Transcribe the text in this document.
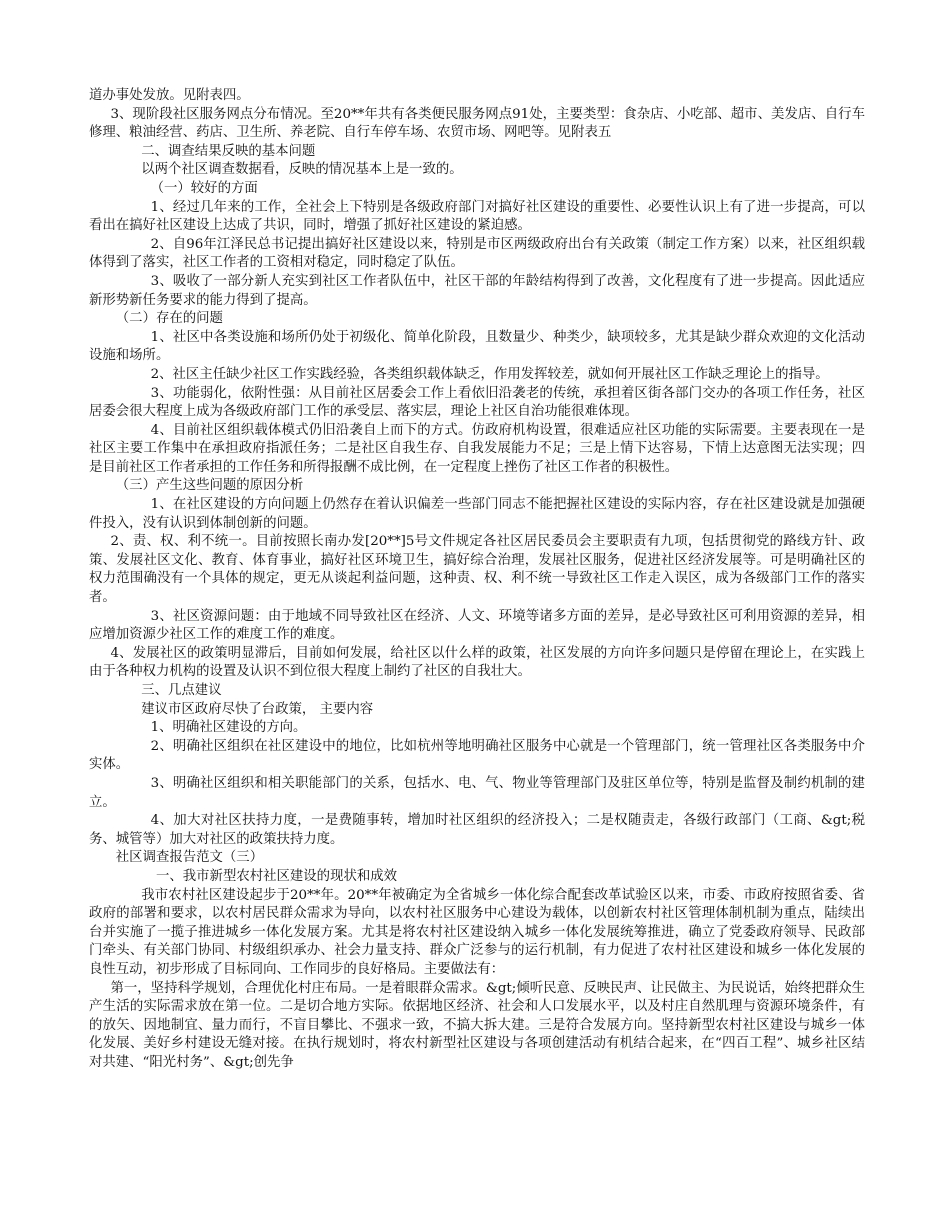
道办事处发放。见附表四。

3、现阶段社区服务网点分布情况。至20**年共有各类便民服务网点91处，主要类型：食杂店、小吃部、超市、美发店、自行车修理、粮油经营、药店、卫生所、养老院、自行车停车场、农贸市场、网吧等。见附表五

二、调查结果反映的基本问题

以两个社区调查数据看，反映的情况基本上是一致的。

（一）较好的方面

1、经过几年来的工作，全社会上下特别是各级政府部门对搞好社区建设的重要性、必要性认识上有了进一步提高，可以看出在搞好社区建设上达成了共识，同时，增强了抓好社区建设的紧迫感。

2、自96年江泽民总书记提出搞好社区建设以来，特别是市区两级政府出台有关政策（制定工作方案）以来，社区组织载体得到了落实，社区工作者的工资相对稳定，同时稳定了队伍。

3、吸收了一部分新人充实到社区工作者队伍中，社区干部的年龄结构得到了改善，文化程度有了进一步提高。因此适应新形势新任务要求的能力得到了提高。

（二）存在的问题

1、社区中各类设施和场所仍处于初级化、简单化阶段，且数量少、种类少，缺项较多，尤其是缺少群众欢迎的文化活动设施和场所。

2、社区主任缺少社区工作实践经验，各类组织载体缺乏，作用发挥较差，就如何开展社区工作缺乏理论上的指导。

3、功能弱化，依附性强：从目前社区居委会工作上看依旧沿袭老的传统，承担着区街各部门交办的各项工作任务，社区居委会很大程度上成为各级政府部门工作的承受层、落实层，理论上社区自治功能很难体现。

4、目前社区组织载体模式仍旧沿袭自上而下的方式。仿政府机构设置，很难适应社区功能的实际需要。主要表现在一是社区主要工作集中在承担政府指派任务；二是社区自我生存、自我发展能力不足；三是上情下达容易，下情上达意图无法实现；四是目前社区工作者承担的工作任务和所得报酬不成比例，在一定程度上挫伤了社区工作者的积极性。

（三）产生这些问题的原因分析

1、在社区建设的方向问题上仍然存在着认识偏差一些部门同志不能把握社区建设的实际内容，存在社区建设就是加强硬件投入，没有认识到体制创新的问题。

2、责、权、利不统一。目前按照长南办发[20**]5号文件规定各社区居民委员会主要职责有九项，包括贯彻党的路线方针、政策、发展社区文化、教育、体育事业，搞好社区环境卫生，搞好综合治理，发展社区服务，促进社区经济发展等。可是明确社区的权力范围确没有一个具体的规定，更无从谈起利益问题，这种责、权、利不统一导致社区工作走入误区，成为各级部门工作的落实者。

3、社区资源问题：由于地域不同导致社区在经济、人文、环境等诸多方面的差异，是必导致社区可利用资源的差异，相应增加资源少社区工作的难度工作的难度。

4、发展社区的政策明显滞后，目前如何发展，给社区以什么样的政策，社区发展的方向许多问题只是停留在理论上，在实践上由于各种权力机构的设置及认识不到位很大程度上制约了社区的自我壮大。

三、几点建议

建议市区政府尽快了台政策， 主要内容

1、明确社区建设的方向。

2、明确社区组织在社区建设中的地位，比如杭州等地明确社区服务中心就是一个管理部门，统一管理社区各类服务中介实体。

3、明确社区组织和相关职能部门的关系，包括水、电、气、物业等管理部门及驻区单位等，特别是监督及制约机制的建立。

4、加大对社区扶持力度，一是费随事转，增加时社区组织的经济投入；二是权随责走，各级行政部门（工商、&gt;税务、城管等）加大对社区的政策扶持力度。

社区调查报告范文（三）

一、我市新型农村社区建设的现状和成效

我市农村社区建设起步于20**年。20**年被确定为全省城乡一体化综合配套改革试验区以来，市委、市政府按照省委、省政府的部署和要求，以农村居民群众需求为导向，以农村社区服务中心建设为载体，以创新农村社区管理体制机制为重点，陆续出台并实施了一揽子推进城乡一体化发展方案。尤其是将农村社区建设纳入城乡一体化发展统筹推进，确立了党委政府领导、民政部门牵头、有关部门协同、村级组织承办、社会力量支持、群众广泛参与的运行机制，有力促进了农村社区建设和城乡一体化发展的良性互动，初步形成了目标同向、工作同步的良好格局。主要做法有：

第一，坚持科学规划，合理优化村庄布局。一是着眼群众需求。&gt;倾听民意、反映民声、让民做主、为民说话，始终把群众生产生活的实际需求放在第一位。二是切合地方实际。依据地区经济、社会和人口发展水平，以及村庄自然肌理与资源环境条件，有的放矢、因地制宜、量力而行，不盲目攀比、不强求一致，不搞大拆大建。三是符合发展方向。坚持新型农村社区建设与城乡一体化发展、美好乡村建设无缝对接。在执行规划时，将农村新型社区建设与各项创建活动有机结合起来，在“四百工程”、城乡社区结对共建、“阳光村务”、&gt;创先争
